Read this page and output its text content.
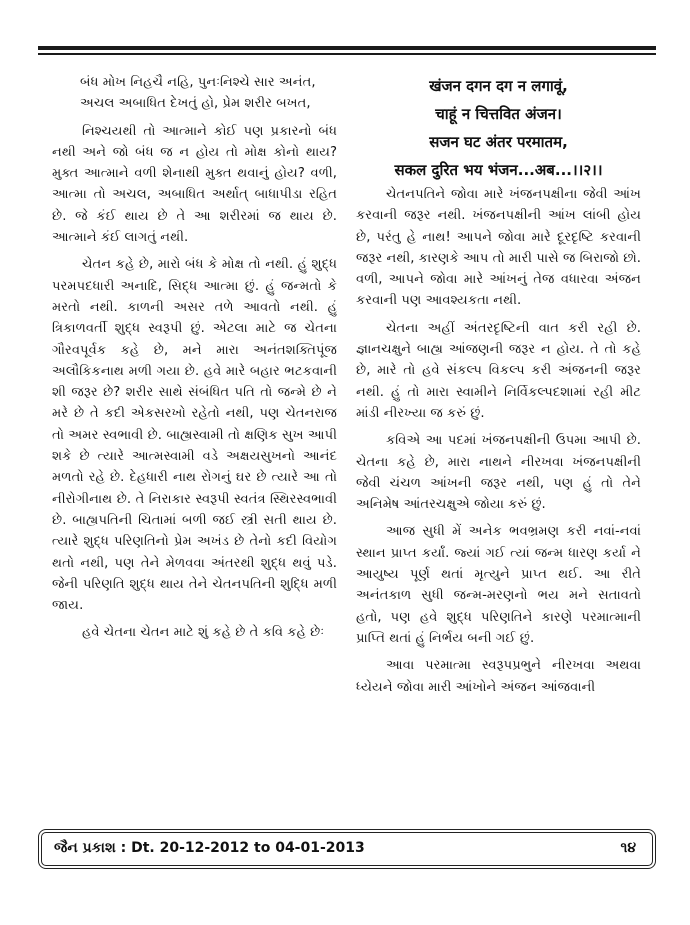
બંધ મોખ નિહચૈ નહિ, પુનઃનિશ્ચે સાર અનંત,

અચલ અબાધિત દેખતું હો, પ્રેમ શરીર બખત,

નિશ્ચયથી તો આત્માને કોઈ પણ પ્રકારનો બંધ નથી અને જો બંધ જ ન હોય તો મોક્ષ કોનો થાય? મુક્ત આત્માને વળી શેનાથી મુક્ત થવાનું હોય? વળી, આત્મા તો અચલ, અબાધિત અર્થાત્ બાધાપીડા રહિત છે. જે કંઈ થાય છે તે આ શરીરમાં જ થાય છે. આત્માને કંઈ લાગતું નથી.

ચેતન કહે છે, મારો બંધ કે મોક્ષ તો નથી. હું શુદ્ધ પરમપદધારી અનાદિ, સિદ્ધ આત્મા છું. હું જન્મતો કે મરતો નથી. કાળની અસર તળે આવતો નથી. હું ત્રિકાળવર્તી શુદ્ધ સ્વરૂપી છું. એટલા માટે જ ચેતના ગૌરવપૂર્વક કહે છે, મને મારા અનંતશક્તિપૂંજ અલૌકિકનાથ મળી ગયા છે. હવે મારે બહાર ભટકવાની શી જરૂર છે? શરીર સાથે સંબંધિત પતિ તો જન્મે છે ને મરે છે તે કદી એકસરખો રહેતો નથી, પણ ચેતનરાજ તો અમર સ્વભાવી છે. બાહ્યસ્વામી તો ક્ષણિક સુખ આપી શકે છે ત્યારે આત્મસ્વામી વડે અક્ષયસુખનો આનંદ મળતો રહે છે. દેહધારી નાથ રોગનું ઘર છે ત્યારે આ તો નીરોગીનાથ છે. તે નિરાકાર સ્વરૂપી સ્વતંત્ર સ્થિરસ્વભાવી છે. બાહ્યપતિની ચિતામાં બળી જઈ સ્ત્રી સતી થાય છે. ત્યારે શુદ્ધ પરિણતિનો પ્રેમ અખંડ છે તેનો કદી વિયોગ થતો નથી, પણ તેને મેળવવા અંતરથી શુદ્ધ થવું પડે. જેની પરિણતિ શુદ્ધ થાય તેને ચેતનપતિની શુદ્ધિ મળી જાય.

હવે ચેતના ચેતન માટે શું કહે છે તે કવિ કહે છેઃ

खंजन दगन दग न लगावूं,
चाहूं न चित्तवित अंजन।
सजन घट अंतर परमातम,
सकल दुरित भय भंजन...अब...।।२।।

ચેતનપતિને જોવા મારે ખંજનપક્ષીના જેવી આંખ કરવાની જરૂર નથી. ખંજનપક્ષીની આંખ લાંબી હોય છે, પરંતુ હે નાથ! આપને જોવા મારે દૂરદૃષ્ટિ કરવાની જરૂર નથી, કારણકે આપ તો મારી પાસે જ બિરાજો છો. વળી, આપને જોવા મારે આંખનું તેજ વધારવા અંજન કરવાની પણ આવશ્યકતા નથી.

ચેતના અહીં અંતરદૃષ્ટિની વાત કરી રહી છે. જ્ઞાનચક્ષુને બાહ્ય આંજણની જરૂર ન હોય. તે તો કહે છે, મારે તો હવે સંકલ્પ વિકલ્પ કરી અંજનની જરૂર નથી. હું તો મારા સ્વામીને નિર્વિકલ્પદશામાં રહી મીટ માંડી નીરખ્યા જ કરું છું.

કવિએ આ પદમાં ખંજનપક્ષીની ઉપમા આપી છે. ચેતના કહે છે, મારા નાથને નીરખવા ખંજનપક્ષીની જેવી ચંચળ આંખની જરૂર નથી, પણ હું તો તેને અનિમેષ આંતરચક્ષુએ જોયા કરું છું.

આજ સુધી મેં અનેક ભવભ્રમણ કરી નવાં-નવાં સ્થાન પ્રાપ્ત કર્યાં. જ્યાં ગઈ ત્યાં જન્મ ધારણ કર્યા ને આયુષ્ય પૂર્ણ થતાં મૃત્યુને પ્રાપ્ત થઈ. આ રીતે અનંતકાળ સુધી જન્મ-મરણનો ભય મને સતાવતો હતો, પણ હવે શુદ્ધ પરિણતિને કારણે પરમાત્માની પ્રાપ્તિ થતાં હું નિર્ભય બની ગઈ છું.

આવા પરમાત્મા સ્વરૂપપ્રભુને નીરખવા અથવા ધ્યેયને જોવા મારી આંખોને અંજન આંજવાની

જૈન પ્રકાશ : Dt. 20-12-2012 to 04-01-2013	૧૪
